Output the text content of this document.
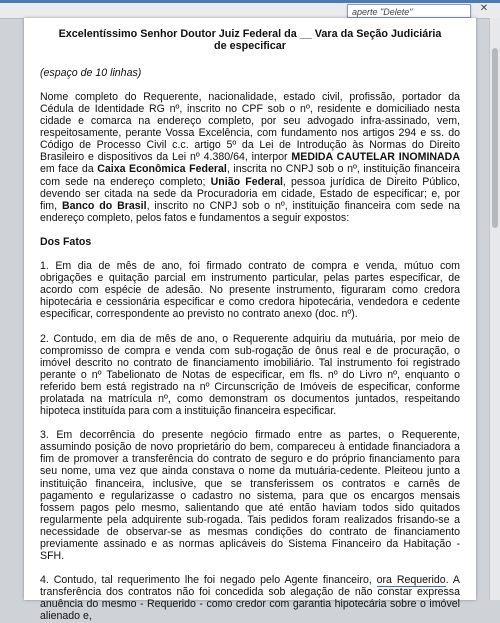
aperte "Delete"	✕

Excelentíssimo Senhor Doutor Juiz Federal da __ Vara da Seção Judiciária

de especificar

(espaço de 10 linhas)

Nome completo do Requerente, nacionalidade, estado civil, profissão, portador da Cédula de Identidade RG nº, inscrito no CPF sob o nº, residente e domiciliado nesta cidade e comarca na endereço completo, por seu advogado infra-assinado, vem, respeitosamente, perante Vossa Excelência, com fundamento nos artigos 294 e ss. do Código de Processo Civil c.c. artigo 5º da Lei de Introdução às Normas do Direito Brasileiro e dispositivos da Lei nº 4.380/64, interpor MEDIDA CAUTELAR INOMINADA em face da Caixa Econômica Federal, inscrita no CNPJ sob o nº, instituição financeira com sede na endereço completo; União Federal, pessoa jurídica de Direito Público, devendo ser citada na sede da Procuradoria em cidade, Estado de especificar; e, por fim, Banco do Brasil, inscrito no CNPJ sob o nº, instituição financeira com sede na endereço completo, pelos fatos e fundamentos a seguir expostos:

Dos Fatos

1. Em dia de mês de ano, foi firmado contrato de compra e venda, mútuo com obrigações e quitação parcial em instrumento particular, pelas partes especificar, de acordo com espécie de adesão. No presente instrumento, figuraram como credora hipotecária e cessionária especificar e como credora hipotecária, vendedora e cedente especificar, correspondente ao previsto no contrato anexo (doc. nº).

2. Contudo, em dia de mês de ano, o Requerente adquiriu da mutuária, por meio de compromisso de compra e venda com sub-rogação de ônus real e de procuração, o imóvel descrito no contrato de financiamento imobiliário. Tal instrumento foi registrado perante o nº Tabelionato de Notas de especificar, em fls. nº do Livro nº, enquanto o referido bem está registrado na nº Circunscrição de Imóveis de especificar, conforme prolatada na matrícula nº, como demonstram os documentos juntados, respeitando hipoteca instituída para com a instituição financeira especificar.

3. Em decorrência do presente negócio firmado entre as partes, o Requerente, assumindo posição de novo proprietário do bem, compareceu à entidade financiadora a fim de promover a transferência do contrato de seguro e do próprio financiamento para seu nome, uma vez que ainda constava o nome da mutuária-cedente. Pleiteou junto a instituição financeira, inclusive, que se transferissem os contratos e carnês de pagamento e regularizasse o cadastro no sistema, para que os encargos mensais fossem pagos pelo mesmo, salientando que até então haviam todos sido quitados regularmente pela adquirente sub-rogada. Tais pedidos foram realizados frisando-se a necessidade de observar-se as mesmas condições do contrato de financiamento previamente assinado e as normas aplicáveis do Sistema Financeiro da Habitação - SFH.

4. Contudo, tal requerimento lhe foi negado pelo Agente financeiro, ora Requerido. A transferência dos contratos não foi concedida sob alegação de não constar expressa anuência do mesmo - Requerido - como credor com garantia hipotecária sobre o imóvel alienado e,
